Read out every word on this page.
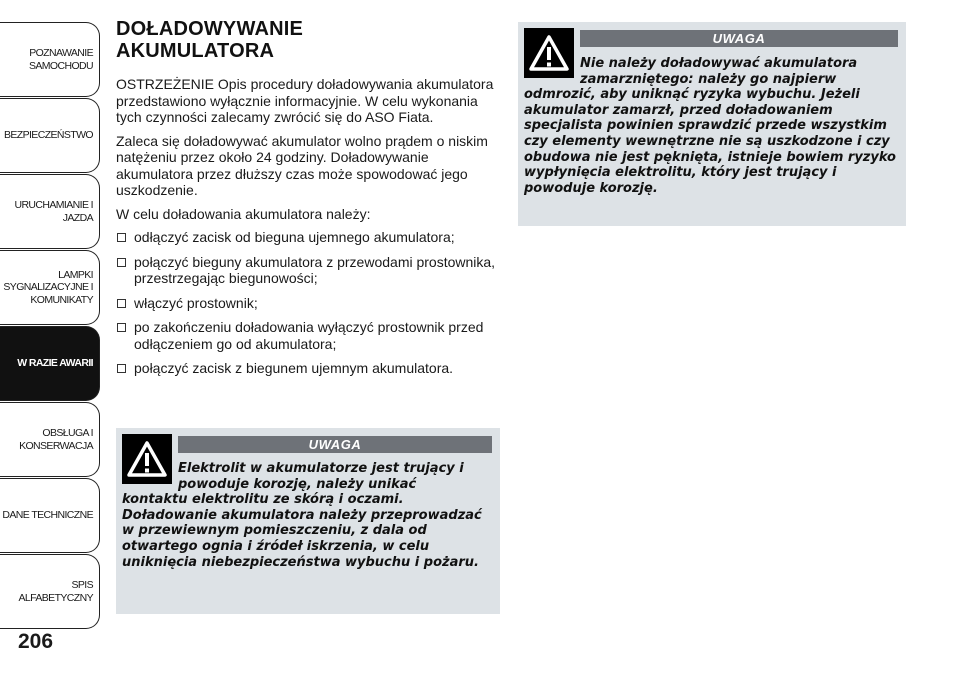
POZNAWANIE
SAMOCHODU
BEZPIECZEŃSTWO
URUCHAMIANIE I
JAZDA
LAMPKI
SYGNALIZACYJNE I
KOMUNIKATY
W RAZIE AWARII
OBSŁUGA I
KONSERWACJA
DANE TECHNICZNE
SPIS ALFABETYCZNY
206
DOŁADOWYWANIE
AKUMULATORA

OSTRZEŻENIE Opis procedury doładowywania akumulatora przedstawiono wyłącznie informacyjnie. W celu wykonania tych czynności zalecamy zwrócić się do ASO Fiata.

Zaleca się doładowywać akumulator wolno prądem o niskim natężeniu przez około 24 godziny. Doładowywanie akumulatora przez dłuższy czas może spowodować jego uszkodzenie.

W celu doładowania akumulatora należy:

odłączyć zacisk od bieguna ujemnego akumulatora;
połączyć bieguny akumulatora z przewodami prostownika, przestrzegając biegunowości;
włączyć prostownik;
po zakończeniu doładowania wyłączyć prostownik przed odłączeniem go od akumulatora;
połączyć zacisk z biegunem ujemnym akumulatora.
UWAGA
Elektrolit w akumulatorze jest trujący i powoduje korozję, należy unikać
kontaktu elektrolitu ze skórą i oczami. Doładowanie akumulatora należy przeprowadzać w przewiewnym pomieszczeniu, z dala od otwartego ognia i źródeł iskrzenia, w celu uniknięcia niebezpieczeństwa wybuchu i pożaru.
UWAGA
Nie należy doładowywać akumulatora zamarzniętego: należy go najpierw
odmrozić, aby uniknąć ryzyka wybuchu. Jeżeli akumulator zamarzł, przed doładowaniem specjalista powinien sprawdzić przede wszystkim czy elementy wewnętrzne nie są uszkodzone i czy obudowa nie jest pęknięta, istnieje bowiem ryzyko wypłynięcia elektrolitu, który jest trujący i powoduje korozję.
